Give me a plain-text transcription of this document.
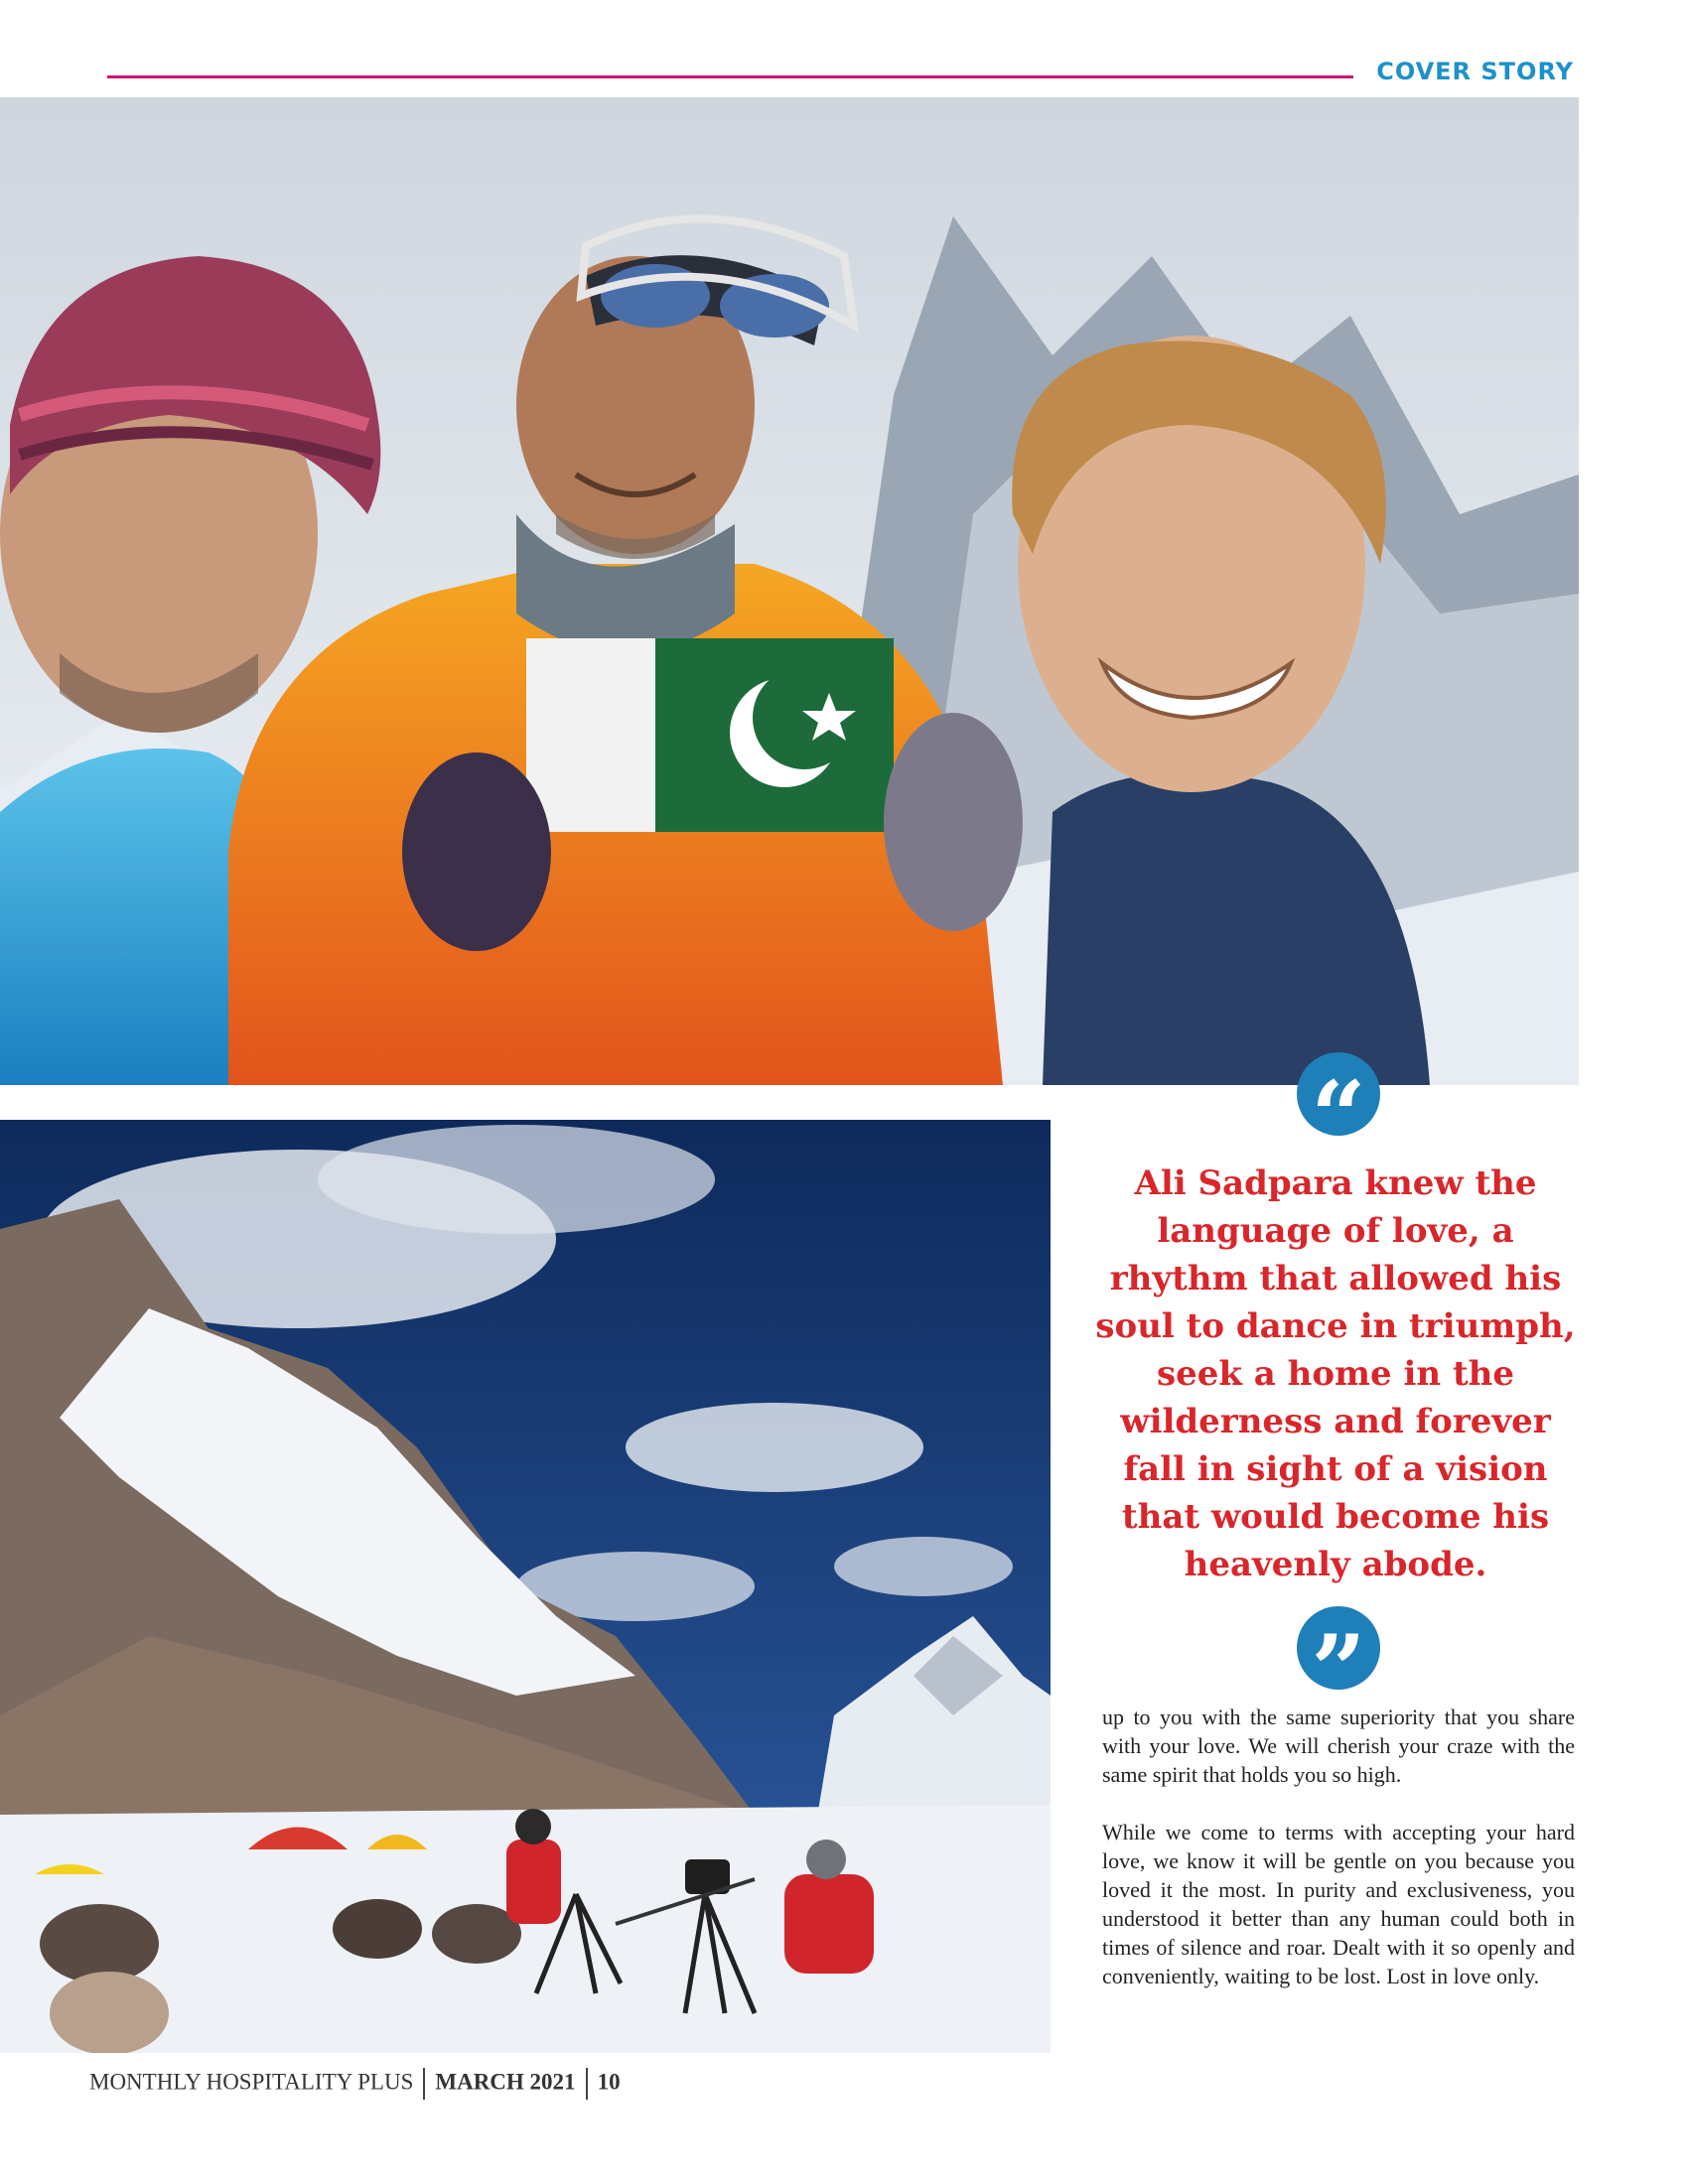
COVER STORY
“
Ali Sadpara knew the
language of love, a
rhythm that allowed his
soul to dance in triumph,
seek a home in the
wilderness and forever
fall in sight of a vision
that would become his
heavenly abode.
”

up to you with the same superiority that you share with your love. We will cherish your craze with the same spirit that holds you so high.

While we come to terms with accepting your hard love, we know it will be gentle on you because you loved it the most. In purity and exclusiveness, you understood it better than any human could both in times of silence and roar. Dealt with it so openly and conveniently, waiting to be lost. Lost in love only.

MONTHLY HOSPITALITY PLUS MARCH 2021 10
